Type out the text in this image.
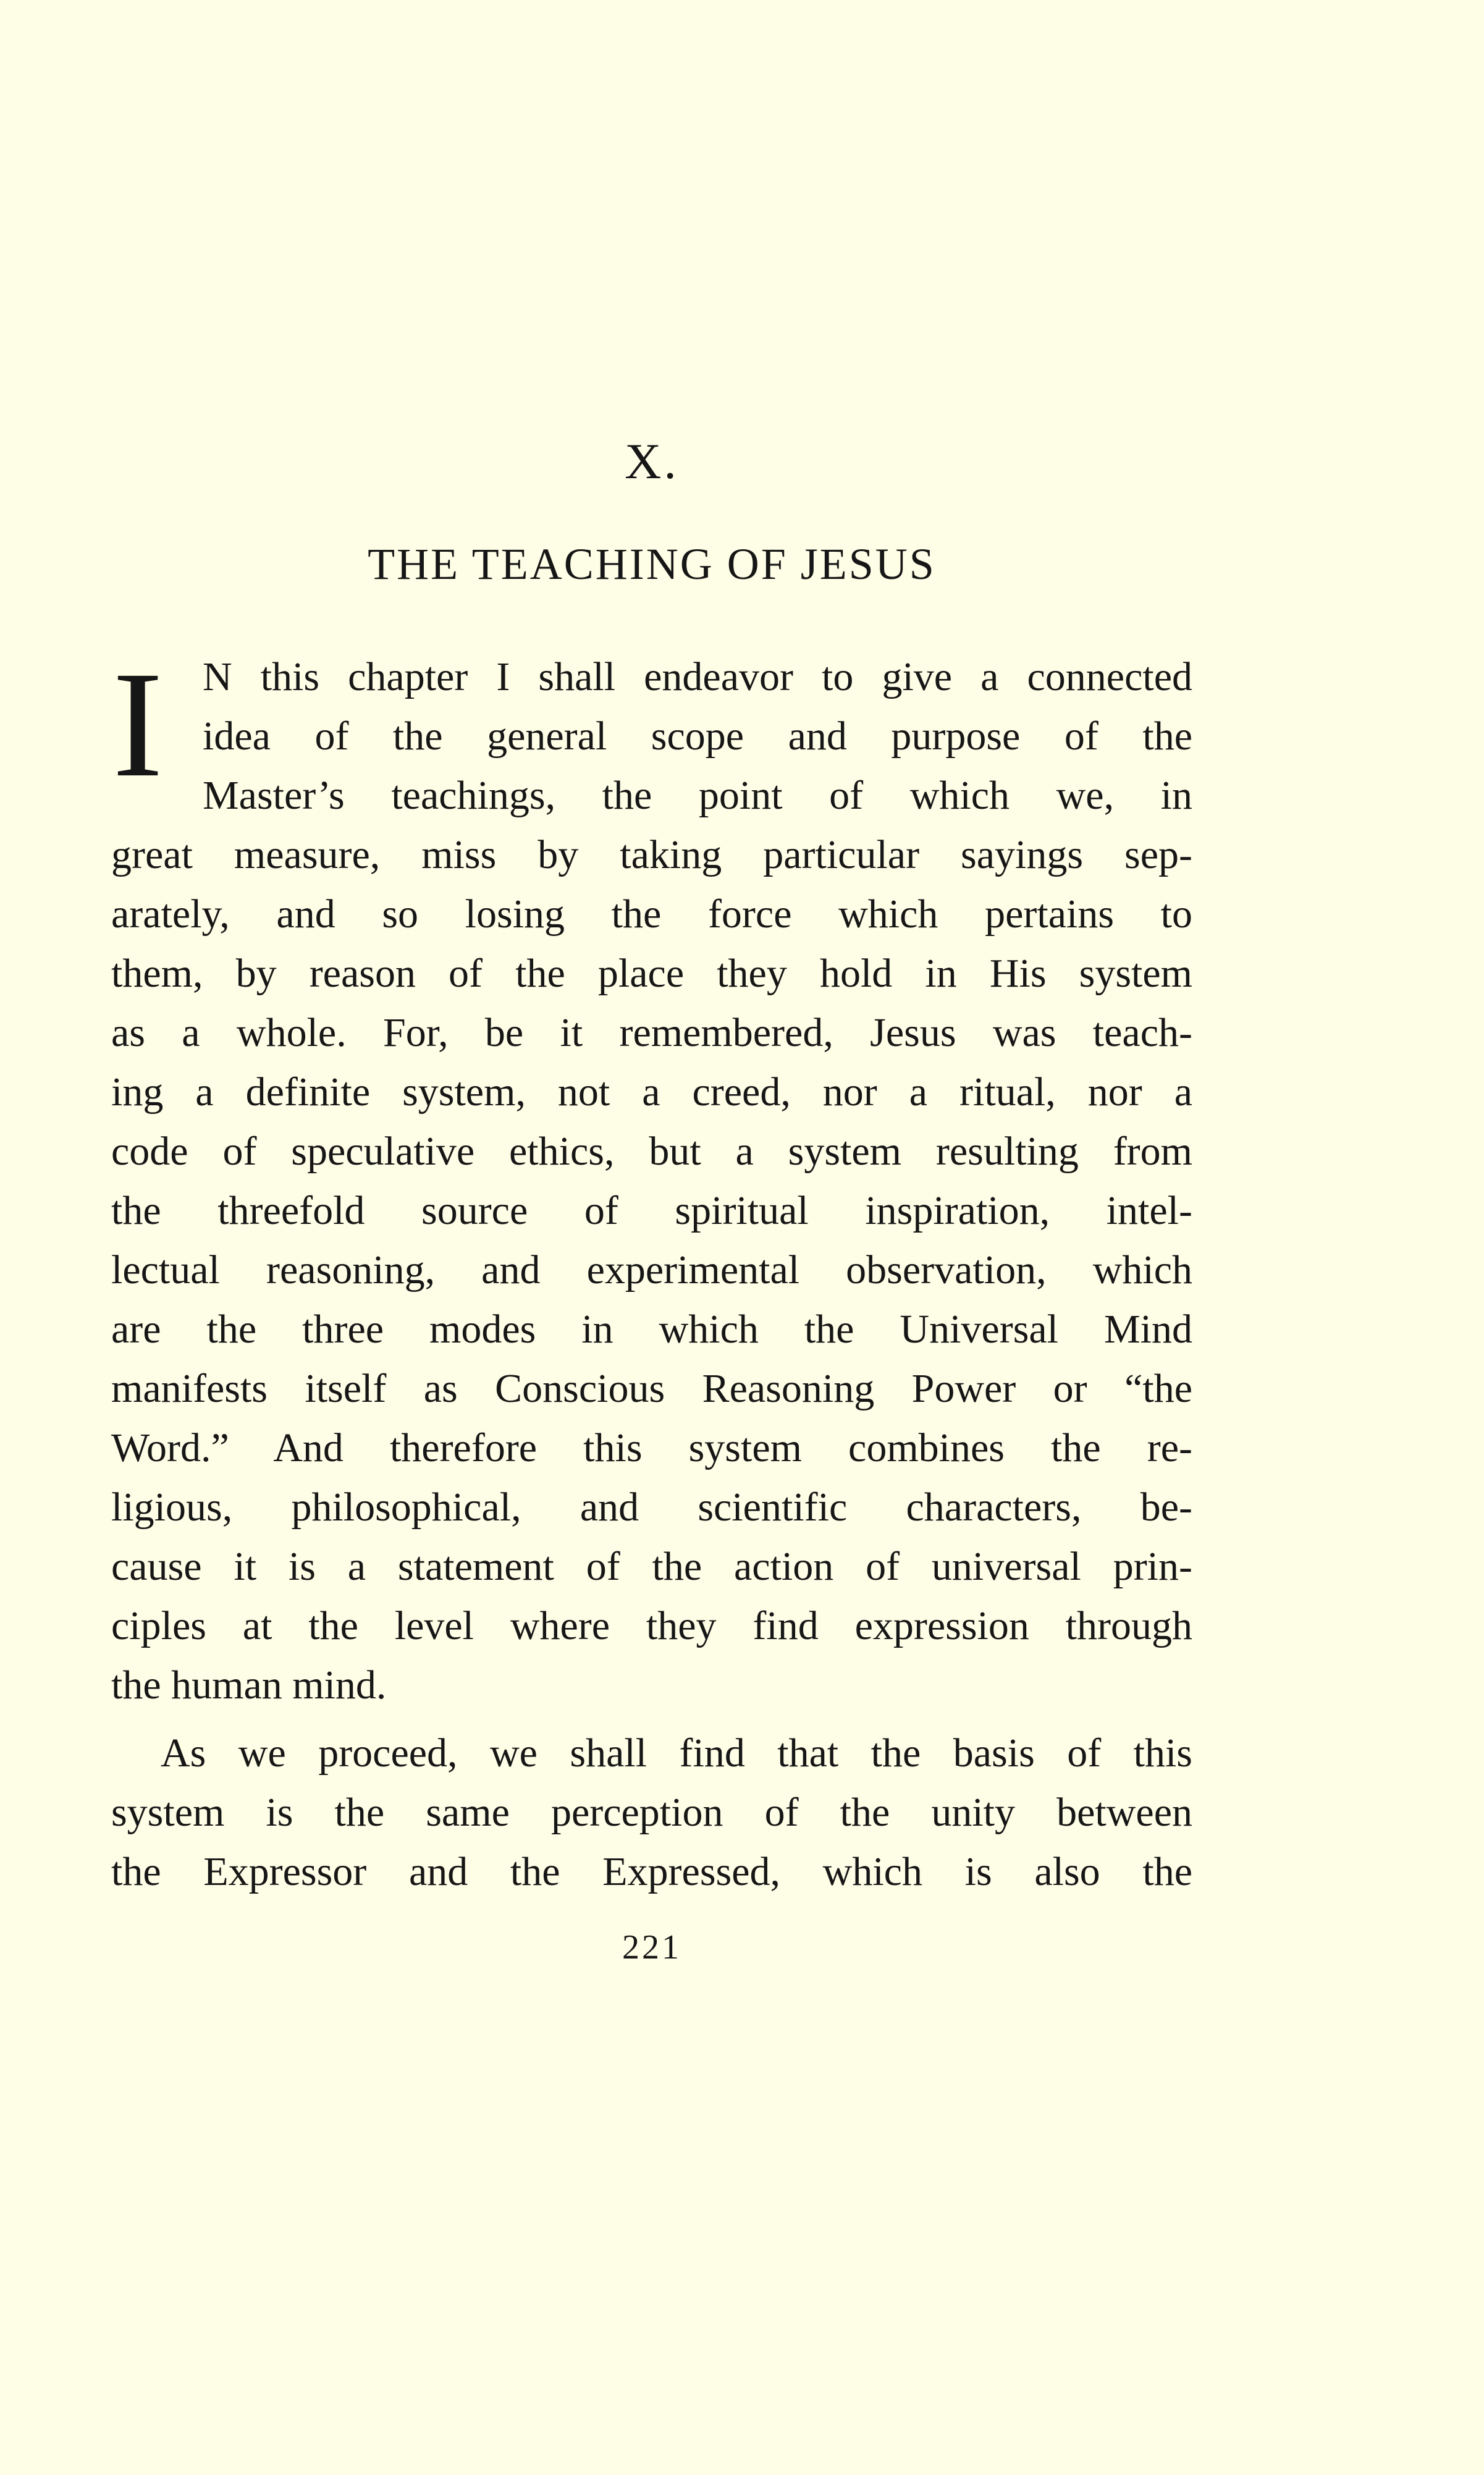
X.
THE TEACHING OF JESUS
I N this chapter I shall endeavor to give a connected
idea of the general scope and purpose of the
Master’s teachings, the point of which we, in
great measure, miss by taking particular sayings sep-
arately, and so losing the force which pertains to
them, by reason of the place they hold in His system
as a whole. For, be it remembered, Jesus was teach-
ing a definite system, not a creed, nor a ritual, nor a
code of speculative ethics, but a system resulting from
the threefold source of spiritual inspiration, intel-
lectual reasoning, and experimental observation, which
are the three modes in which the Universal Mind
manifests itself as Conscious Reasoning Power or “the
Word.” And therefore this system combines the re-
ligious, philosophical, and scientific characters, be-
cause it is a statement of the action of universal prin-
ciples at the level where they find expression through
the human mind.
As we proceed, we shall find that the basis of this
system is the same perception of the unity between
the Expressor and the Expressed, which is also the
221
